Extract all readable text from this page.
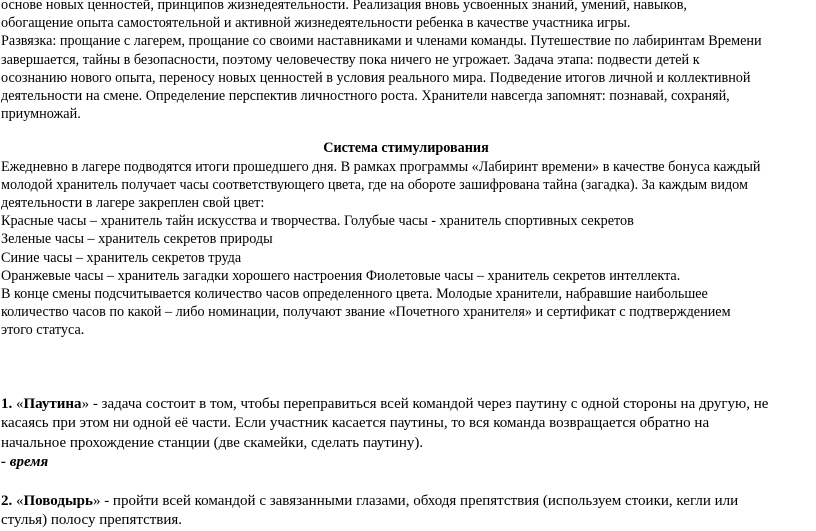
основе новых ценностей, принципов жизнедеятельности. Реализация вновь усвоенных знаний, умений, навыков,

обогащение опыта самостоятельной и активной жизнедеятельности ребенка в качестве участника игры.

Развязка: прощание с лагерем, прощание со своими наставниками и членами команды. Путешествие по лабиринтам Времени

завершается, тайны в безопасности, поэтому человечеству пока ничего не угрожает. Задача этапа: подвести детей к

осознанию нового опыта, переносу новых ценностей в условия реального мира. Подведение итогов личной и коллективной

деятельности на смене. Определение перспектив личностного роста. Хранители навсегда запомнят: познавай, сохраняй,

приумножай.

Система стимулирования

Ежедневно в лагере подводятся итоги прошедшего дня. В рамках программы «Лабиринт времени» в качестве бонуса каждый

молодой хранитель получает часы соответствующего цвета, где на обороте зашифрована тайна (загадка). За каждым видом

деятельности в лагере закреплен свой цвет:

Красные часы – хранитель тайн искусства и творчества. Голубые часы - хранитель спортивных секретов

Зеленые часы – хранитель секретов природы

Синие часы – хранитель секретов труда

Оранжевые часы – хранитель загадки хорошего настроения Фиолетовые часы – хранитель секретов интеллекта.

В конце смены подсчитывается количество часов определенного цвета. Молодые хранители, набравшие наибольшее

количество часов по какой – либо номинации, получают звание «Почетного хранителя» и сертификат с подтверждением

этого статуса.

1. «Паутина» - задача состоит в том, чтобы переправиться всей командой через паутину с одной стороны на другую, не

касаясь при этом ни одной её части. Если участник касается паутины, то вся команда возвращается обратно на

начальное прохождение станции (две скамейки, сделать паутину).

- время

2. «Поводырь» - пройти всей командой с завязанными глазами, обходя препятствия (используем стоики, кегли или

стулья) полосу препятствия.
